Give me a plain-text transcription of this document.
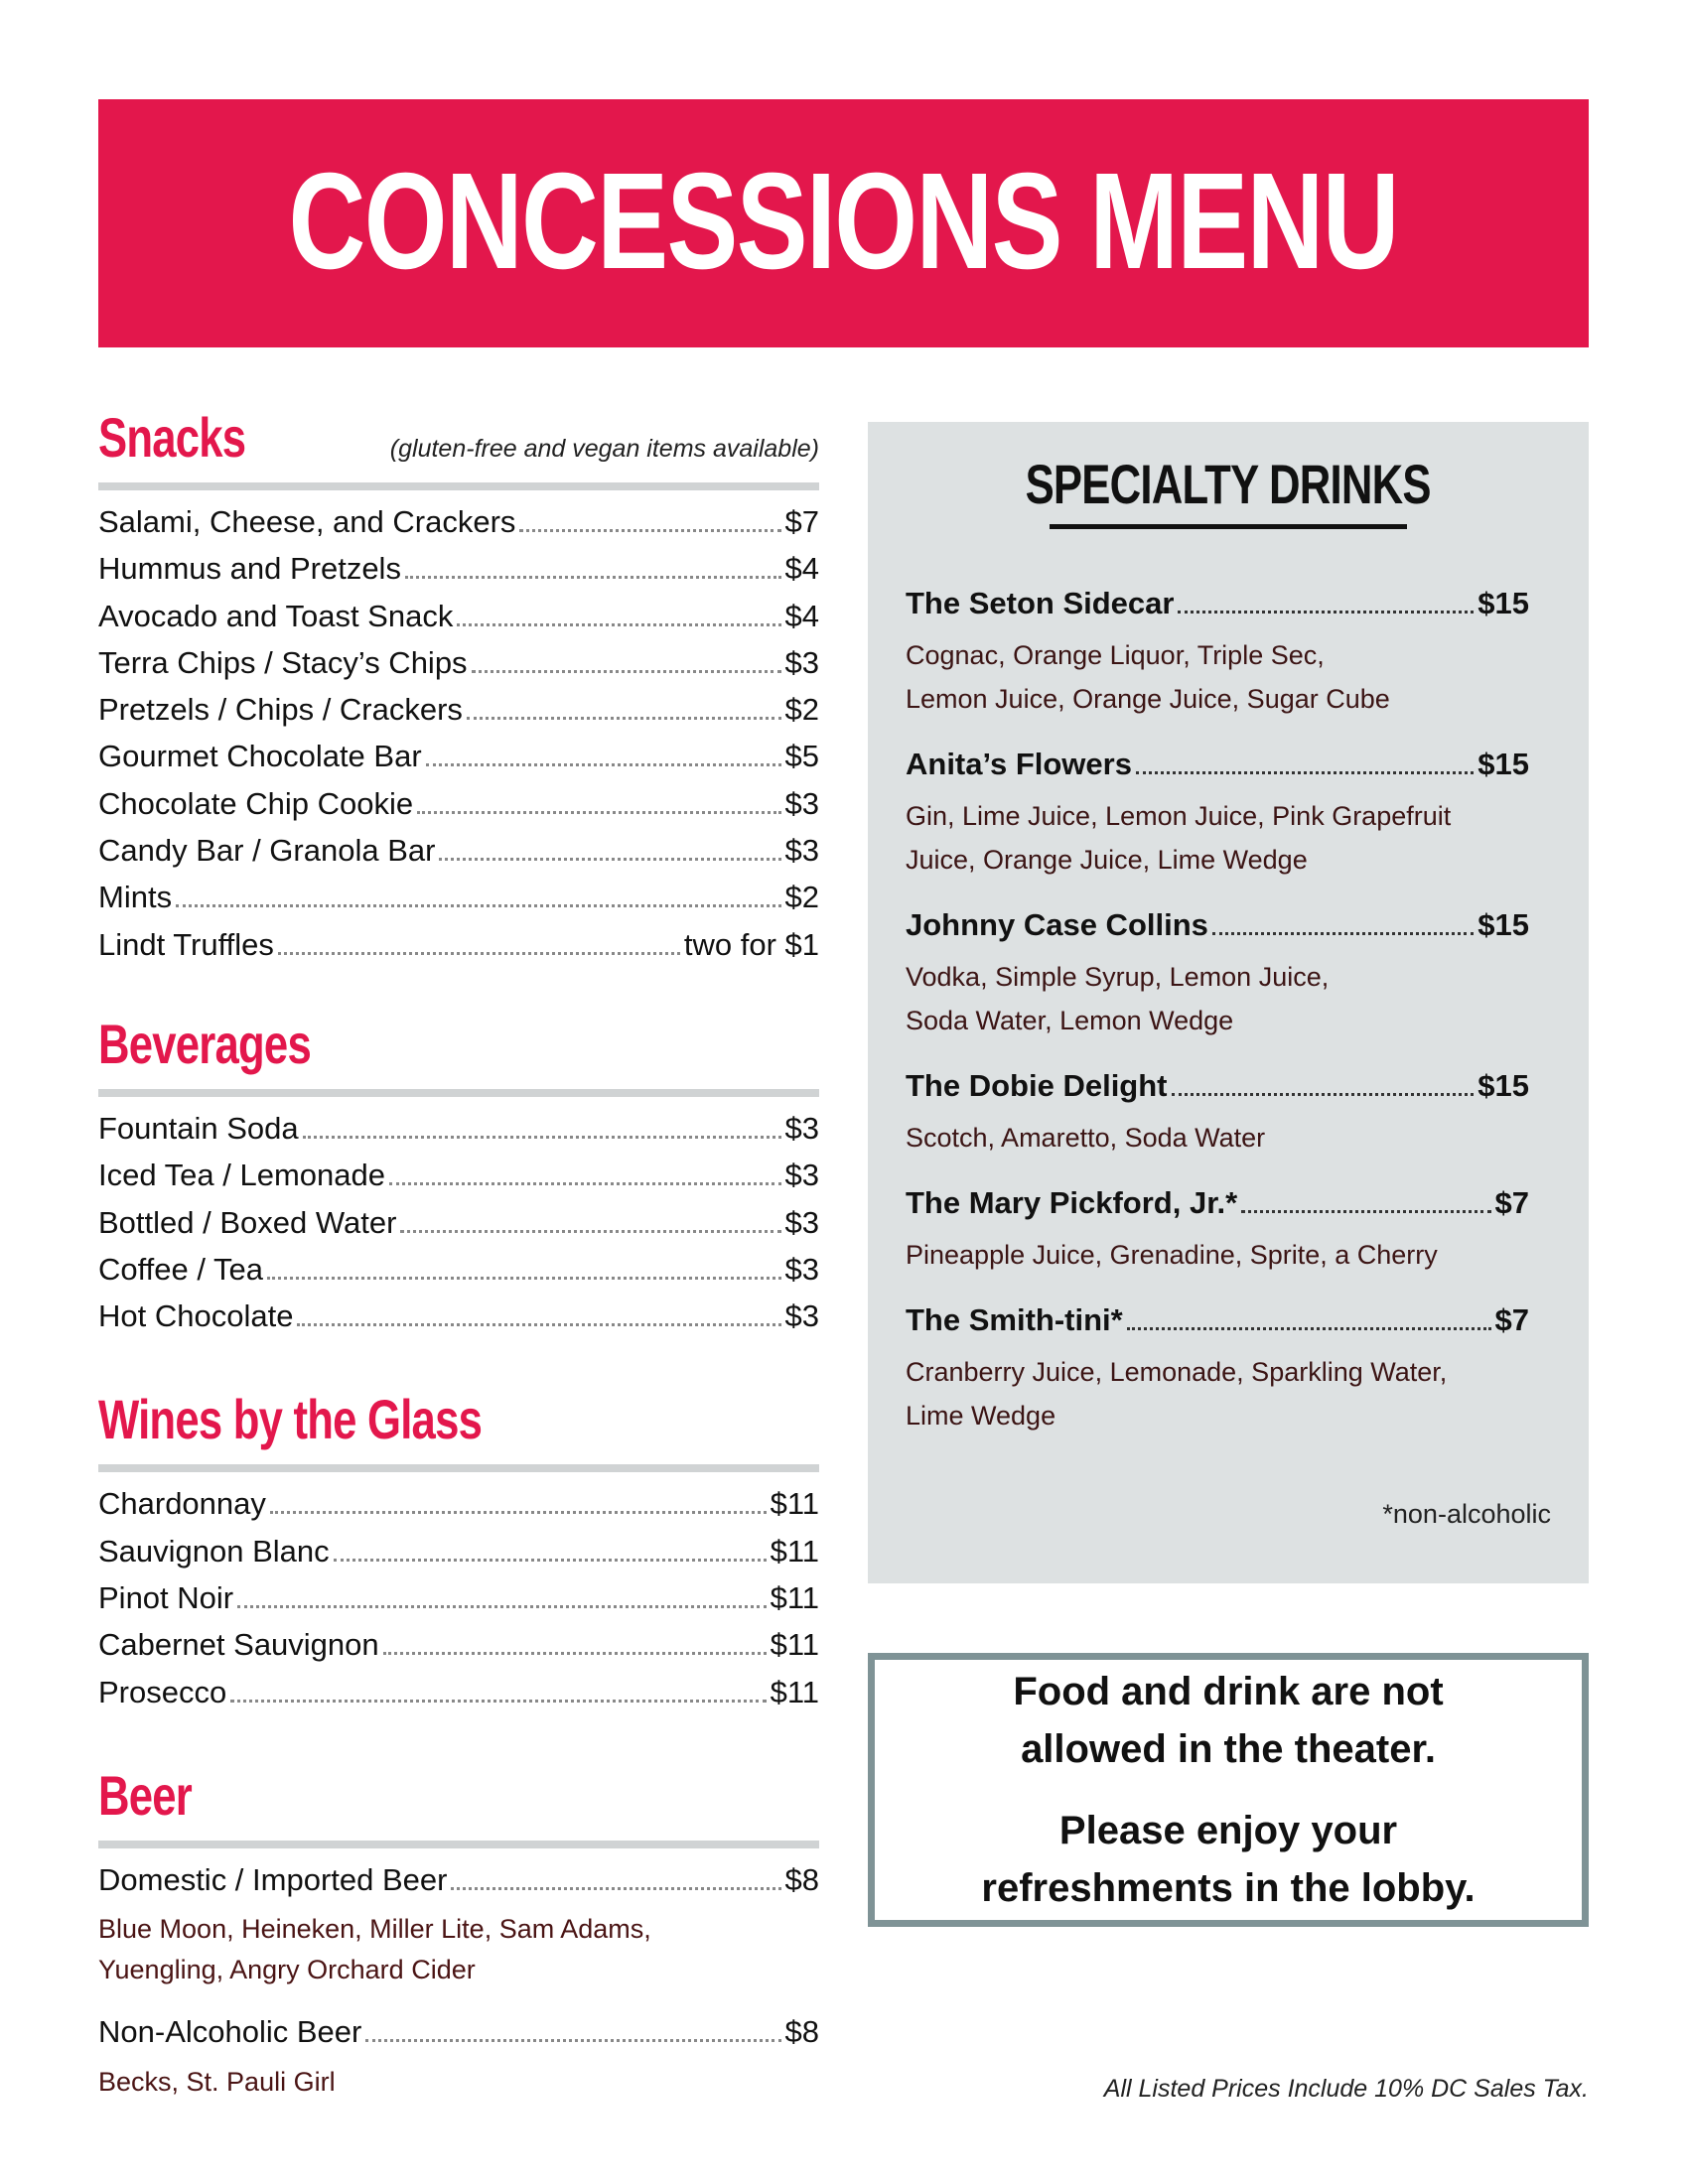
CONCESSIONS MENU
Snacks	(gluten-free and vegan items available)
Salami, Cheese, and Crackers	$7
Hummus and Pretzels	$4
Avocado and Toast Snack	$4
Terra Chips / Stacy’s Chips	$3
Pretzels / Chips / Crackers	$2
Gourmet Chocolate Bar	$5
Chocolate Chip Cookie	$3
Candy Bar / Granola Bar	$3
Mints	$2
Lindt Truffles	two for $1
Beverages
Fountain Soda	$3
Iced Tea / Lemonade	$3
Bottled / Boxed Water	$3
Coffee / Tea	$3
Hot Chocolate	$3
Wines by the Glass
Chardonnay	$11
Sauvignon Blanc	$11
Pinot Noir	$11
Cabernet Sauvignon	$11
Prosecco	$11
Beer
Domestic / Imported Beer	$8
Blue Moon, Heineken, Miller Lite, Sam Adams,
Yuengling, Angry Orchard Cider
Non-Alcoholic Beer	$8
Becks, St. Pauli Girl
SPECIALTY DRINKS
The Seton Sidecar	$15
Cognac, Orange Liquor, Triple Sec,
Lemon Juice, Orange Juice, Sugar Cube
Anita’s Flowers	$15
Gin, Lime Juice, Lemon Juice, Pink Grapefruit
Juice, Orange Juice, Lime Wedge
Johnny Case Collins	$15
Vodka, Simple Syrup, Lemon Juice,
Soda Water, Lemon Wedge
The Dobie Delight	$15
Scotch, Amaretto, Soda Water
The Mary Pickford, Jr.*	$7
Pineapple Juice, Grenadine, Sprite, a Cherry
The Smith-tini*	$7
Cranberry Juice, Lemonade, Sparkling Water,
Lime Wedge
*non-alcoholic

Food and drink are not allowed in the theater.

Please enjoy your refreshments in the lobby.

All Listed Prices Include 10% DC Sales Tax.
